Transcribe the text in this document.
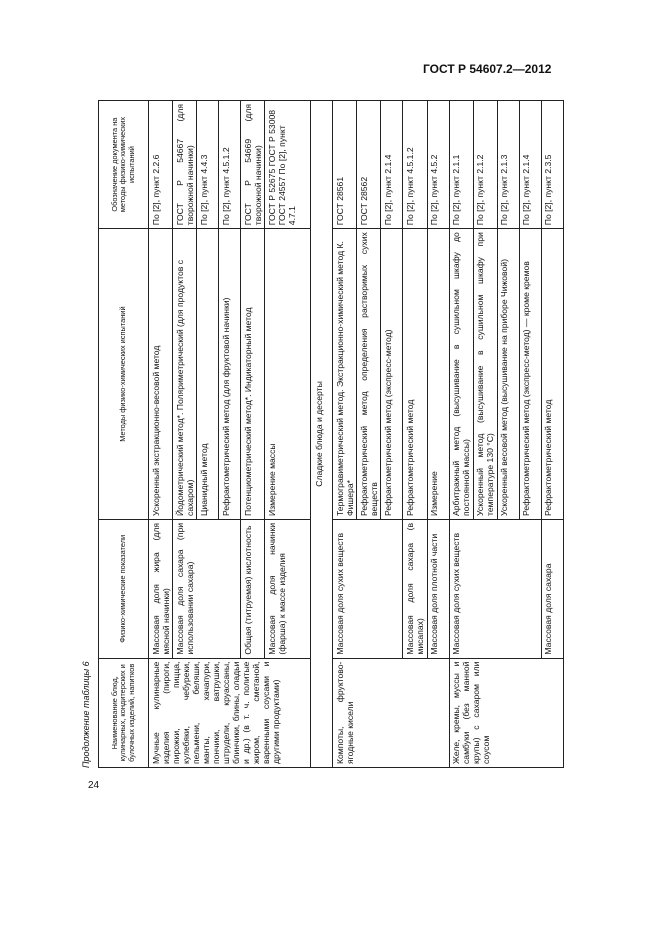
ГОСТ Р 54607.2—2012
24
Продолжение таблицы 6	Наименование блюд, кулинарных, кондитерских и булочных изделий, напитков	Физико-химические показатели	Методы физико-химических испытаний	Обозначение документа на методы физико-химических испытаний
Мучные кулинарные изделия (пироги, пирожки, пицца, кулебяки, чебуреки, пельмени, беляши, манты, хачапури, пончики, ватрушки, штрудели, круассаны, блинчики, блины, оладьи и др.) (в т. ч. политые жиром, сметаной, варенными соусами и другими продуктами)	Массовая доля жира (для мясной начинки)	Ускоренный экстракционно-весовой метод	По [2], пункт 2.2.6
	Массовая доля сахара (при использовании сахара)	Йодометрический метод*. Поляриметрический (для продуктов с сахаром)	ГОСТ Р 54667 (для творожной начинки)
		Цианидный метод	По [2], пункт 4.4.3
		Рефрактометрический метод (для фруктовой начинки)	По [2], пункт 4.5.1.2
	Общая (титруемая) кислотность	Потенциометрический метод*. Индикаторный метод	ГОСТ Р 54669 (для творожной начинки)
	Массовая доля начинки (фарша) к массе изделия	Измерение массы	ГОСТ Р 52675 ГОСТ Р 53008 ГОСТ 24557 По [2], пункт 4.7.1
Сладкие блюда и десерты			
Компоты, фруктово-ягодные кисели	Массовая доля сухих веществ	Термогравиметрический метод. Экстракционно-химический метод К. Фишера*	ГОСТ 28561
		Рефрактометрический метод определения растворимых сухих веществ	ГОСТ 28562
		Рефрактометрический метод (экспресс-метод)	По [2], пункт 2.1.4
	Массовая доля сахара (в мисапах)	Рефрактометрический метод	По [2], пункт 4.5.1.2
	Массовая доля плотной части	Измерение	По [2], пункт 4.5.2
Желе, кремы, муссы и самбуки (без манной крупы) с сахаром или соусом	Массовая доля сухих веществ	Арбитражный метод (высушивание в сушильном шкафу до постоянной массы)	По [2], пункт 2.1.1
		Ускоренный метод (высушивание в сушильном шкафу при температуре 130 °С)	По [2], пункт 2.1.2
		Ускоренный весовой метод (высушивание на приборе Чижовой)	По [2], пункт 2.1.3
		Рефрактометрический метод (экспресс-метод) — кроме кремов	По [2], пункт 2.1.4
	Массовая доля сахара	Рефрактометрический метод	По [2], пункт 2.3.5
